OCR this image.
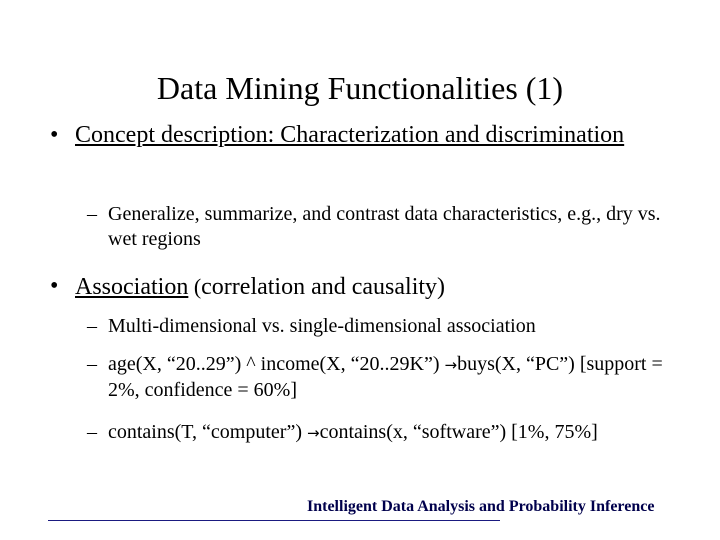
Data Mining Functionalities (1)
• Concept description: Characterization and discrimination
– Generalize, summarize, and contrast data characteristics, e.g., dry vs. wet regions
• Association (correlation and causality)
– Multi-dimensional vs. single-dimensional association
– age(X, “20..29”) ^ income(X, “20..29K”) →buys(X, “PC”) [support = 2%, confidence = 60%]
– contains(T, “computer”) →contains(x, “software”) [1%, 75%]
Intelligent Data Analysis and Probability Inference
